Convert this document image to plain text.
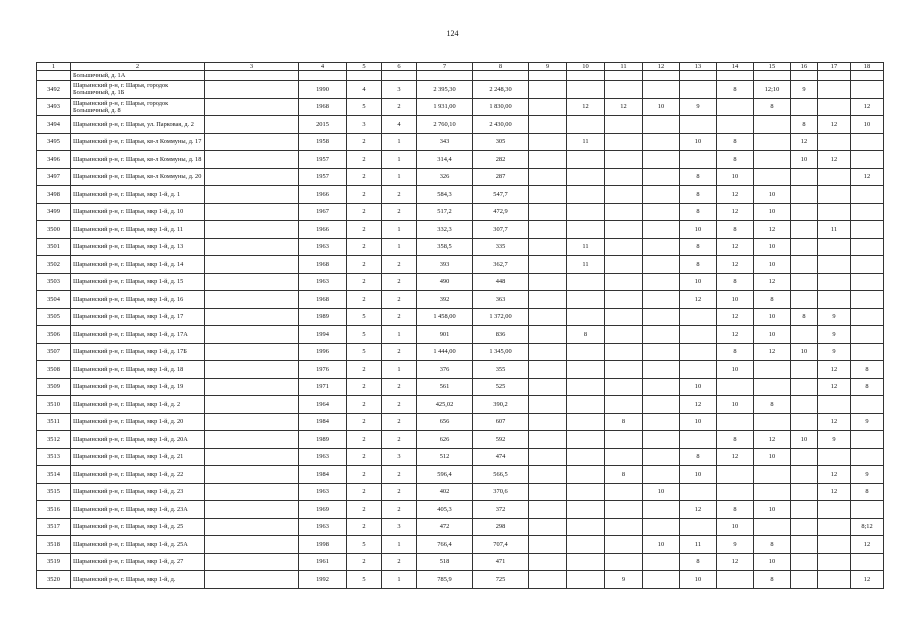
124
1	2	3	4	5	6	7	8	9	10	11	12	13	14	15	16	17	18
	Большичный, д. 1А																
3492	Шарьинский р-н, г. Шарья, городок Большичный, д. 1Б		1990	4	3	2 395,30	2 248,30						8	12;10	9		
3493	Шарьинский р-н, г. Шарья, городок Большичный, д. 8		1968	5	2	1 931,00	1 830,00		12	12	10	9		8			12
3494	Шарьинский р-н, г. Шарья, ул. Парковая, д. 2		2015	3	4	2 760,10	2 430,00								8	12	10
3495	Шарьинский р-н, г. Шарья, кв-л Коммуны, д. 17		1958	2	1	343	305		11			10	8		12		
3496	Шарьинский р-н, г. Шарья, кв-л Коммуны, д. 18		1957	2	1	314,4	282						8		10	12	
3497	Шарьинский р-н, г. Шарья, кв-л Коммуны, д. 20		1957	2	1	326	287					8	10				12
3498	Шарьинский р-н, г. Шарья, мкр 1-й, д. 1		1966	2	2	584,3	547,7					8	12	10			
3499	Шарьинский р-н, г. Шарья, мкр 1-й, д. 10		1967	2	2	517,2	472,9					8	12	10			
3500	Шарьинский р-н, г. Шарья, мкр 1-й, д. 11		1966	2	1	332,3	307,7					10	8	12		11	
3501	Шарьинский р-н, г. Шарья, мкр 1-й, д. 13		1963	2	1	358,5	335		11			8	12	10			
3502	Шарьинский р-н, г. Шарья, мкр 1-й, д. 14		1968	2	2	393	362,7		11			8	12	10			
3503	Шарьинский р-н, г. Шарья, мкр 1-й, д. 15		1963	2	2	490	448					10	8	12			
3504	Шарьинский р-н, г. Шарья, мкр 1-й, д. 16		1968	2	2	392	363					12	10	8			
3505	Шарьинский р-н, г. Шарья, мкр 1-й, д. 17		1989	5	2	1 458,00	1 372,00						12	10	8	9	
3506	Шарьинский р-н, г. Шарья, мкр 1-й, д. 17А		1994	5	1	901	836		8				12	10		9	
3507	Шарьинский р-н, г. Шарья, мкр 1-й, д. 17Б		1996	5	2	1 444,00	1 345,00						8	12	10	9	
3508	Шарьинский р-н, г. Шарья, мкр 1-й, д. 18		1976	2	1	376	355						10			12	8
3509	Шарьинский р-н, г. Шарья, мкр 1-й, д. 19		1971	2	2	561	525					10				12	8
3510	Шарьинский р-н, г. Шарья, мкр 1-й, д. 2		1964	2	2	425,02	390,2					12	10	8			
3511	Шарьинский р-н, г. Шарья, мкр 1-й, д. 20		1984	2	2	656	607			8		10				12	9
3512	Шарьинский р-н, г. Шарья, мкр 1-й, д. 20А		1989	2	2	626	592						8	12	10	9	
3513	Шарьинский р-н, г. Шарья, мкр 1-й, д. 21		1963	2	3	512	474					8	12	10			
3514	Шарьинский р-н, г. Шарья, мкр 1-й, д. 22		1984	2	2	596,4	566,5			8		10				12	9
3515	Шарьинский р-н, г. Шарья, мкр 1-й, д. 23		1963	2	2	402	370,6				10					12	8
3516	Шарьинский р-н, г. Шарья, мкр 1-й, д. 23А		1969	2	2	405,3	372					12	8	10			
3517	Шарьинский р-н, г. Шарья, мкр 1-й, д. 25		1963	2	3	472	298						10				8;12
3518	Шарьинский р-н, г. Шарья, мкр 1-й, д. 25А		1998	5	1	766,4	707,4				10	11	9	8			12
3519	Шарьинский р-н, г. Шарья, мкр 1-й, д. 27		1961	2	2	518	471					8	12	10			
3520	Шарьинский р-н, г. Шарья, мкр 1-й, д.		1992	5	1	785,9	725			9		10		8			12
